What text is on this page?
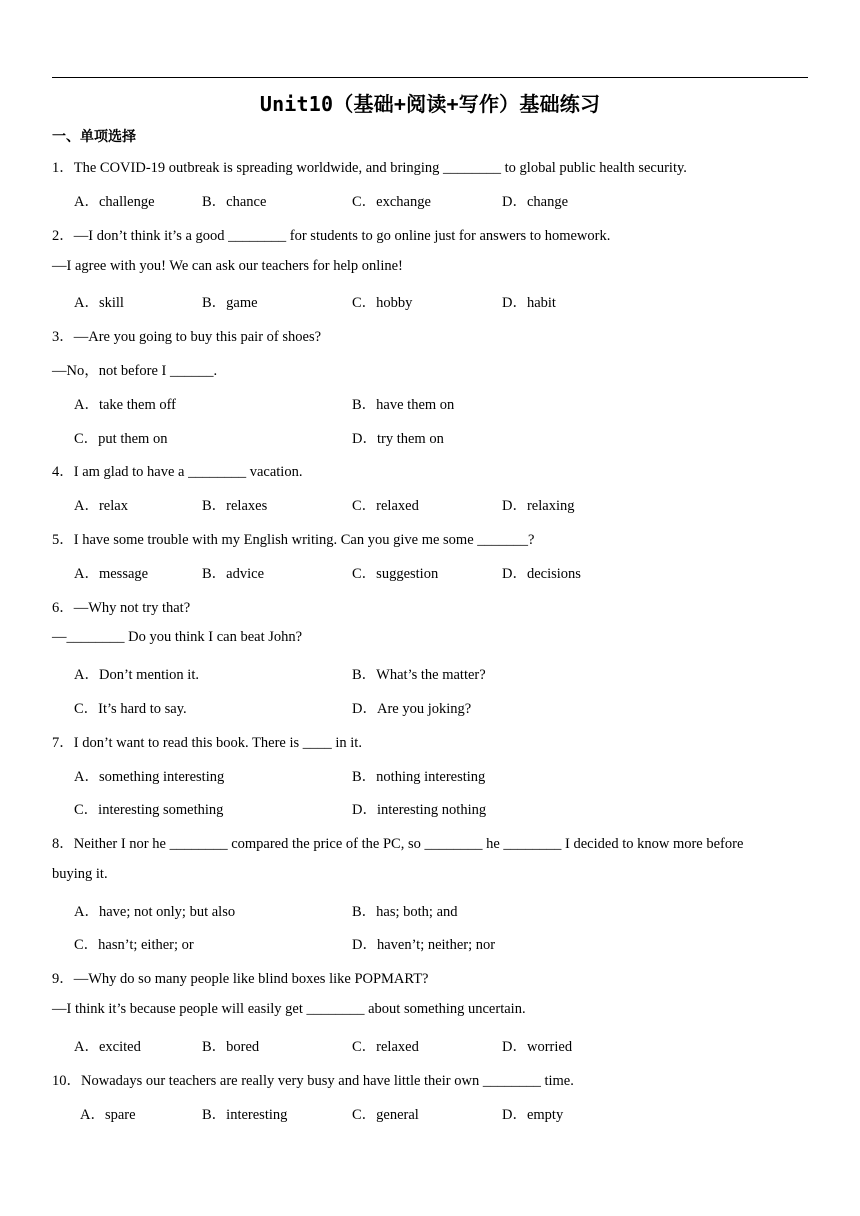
Unit10（基础+阅读+写作）基础练习
一、单项选择
1．The COVID-19 outbreak is spreading worldwide, and bringing ________ to global public health security.
A．challenge	B．chance	C．exchange	D．change
2．—I don’t think it’s a good ________ for students to go online just for answers to homework.
—I agree with you! We can ask our teachers for help online!
A．skill	B．game	C．hobby	D．habit
3．—Are you going to buy this pair of shoes?
—No，not before I ______.
A．take them off	B．have them on
C．put them on	D．try them on
4．I am glad to have a ________ vacation.
A．relax	B．relaxes	C．relaxed	D．relaxing
5．I have some trouble with my English writing. Can you give me some _______?
A．message	B．advice	C．suggestion	D．decisions
6．—Why not try that?
—________ Do you think I can beat John?
A．Don’t mention it.	B．What’s the matter?
C．It’s hard to say.	D．Are you joking?
7．I don’t want to read this book. There is ____ in it.
A．something interesting	B．nothing interesting
C．interesting something	D．interesting nothing
8．Neither I nor he ________ compared the price of the PC, so ________ he ________ I decided to know more before
buying it.
A．have; not only; but also	B．has; both; and
C．hasn’t; either; or	D．haven’t; neither; nor
9．—Why do so many people like blind boxes like POPMART?
—I think it’s because people will easily get ________ about something uncertain.
A．excited	B．bored	C．relaxed	D．worried
10．Nowadays our teachers are really very busy and have little their own ________ time.
A．spare	B．interesting	C．general	D．empty
